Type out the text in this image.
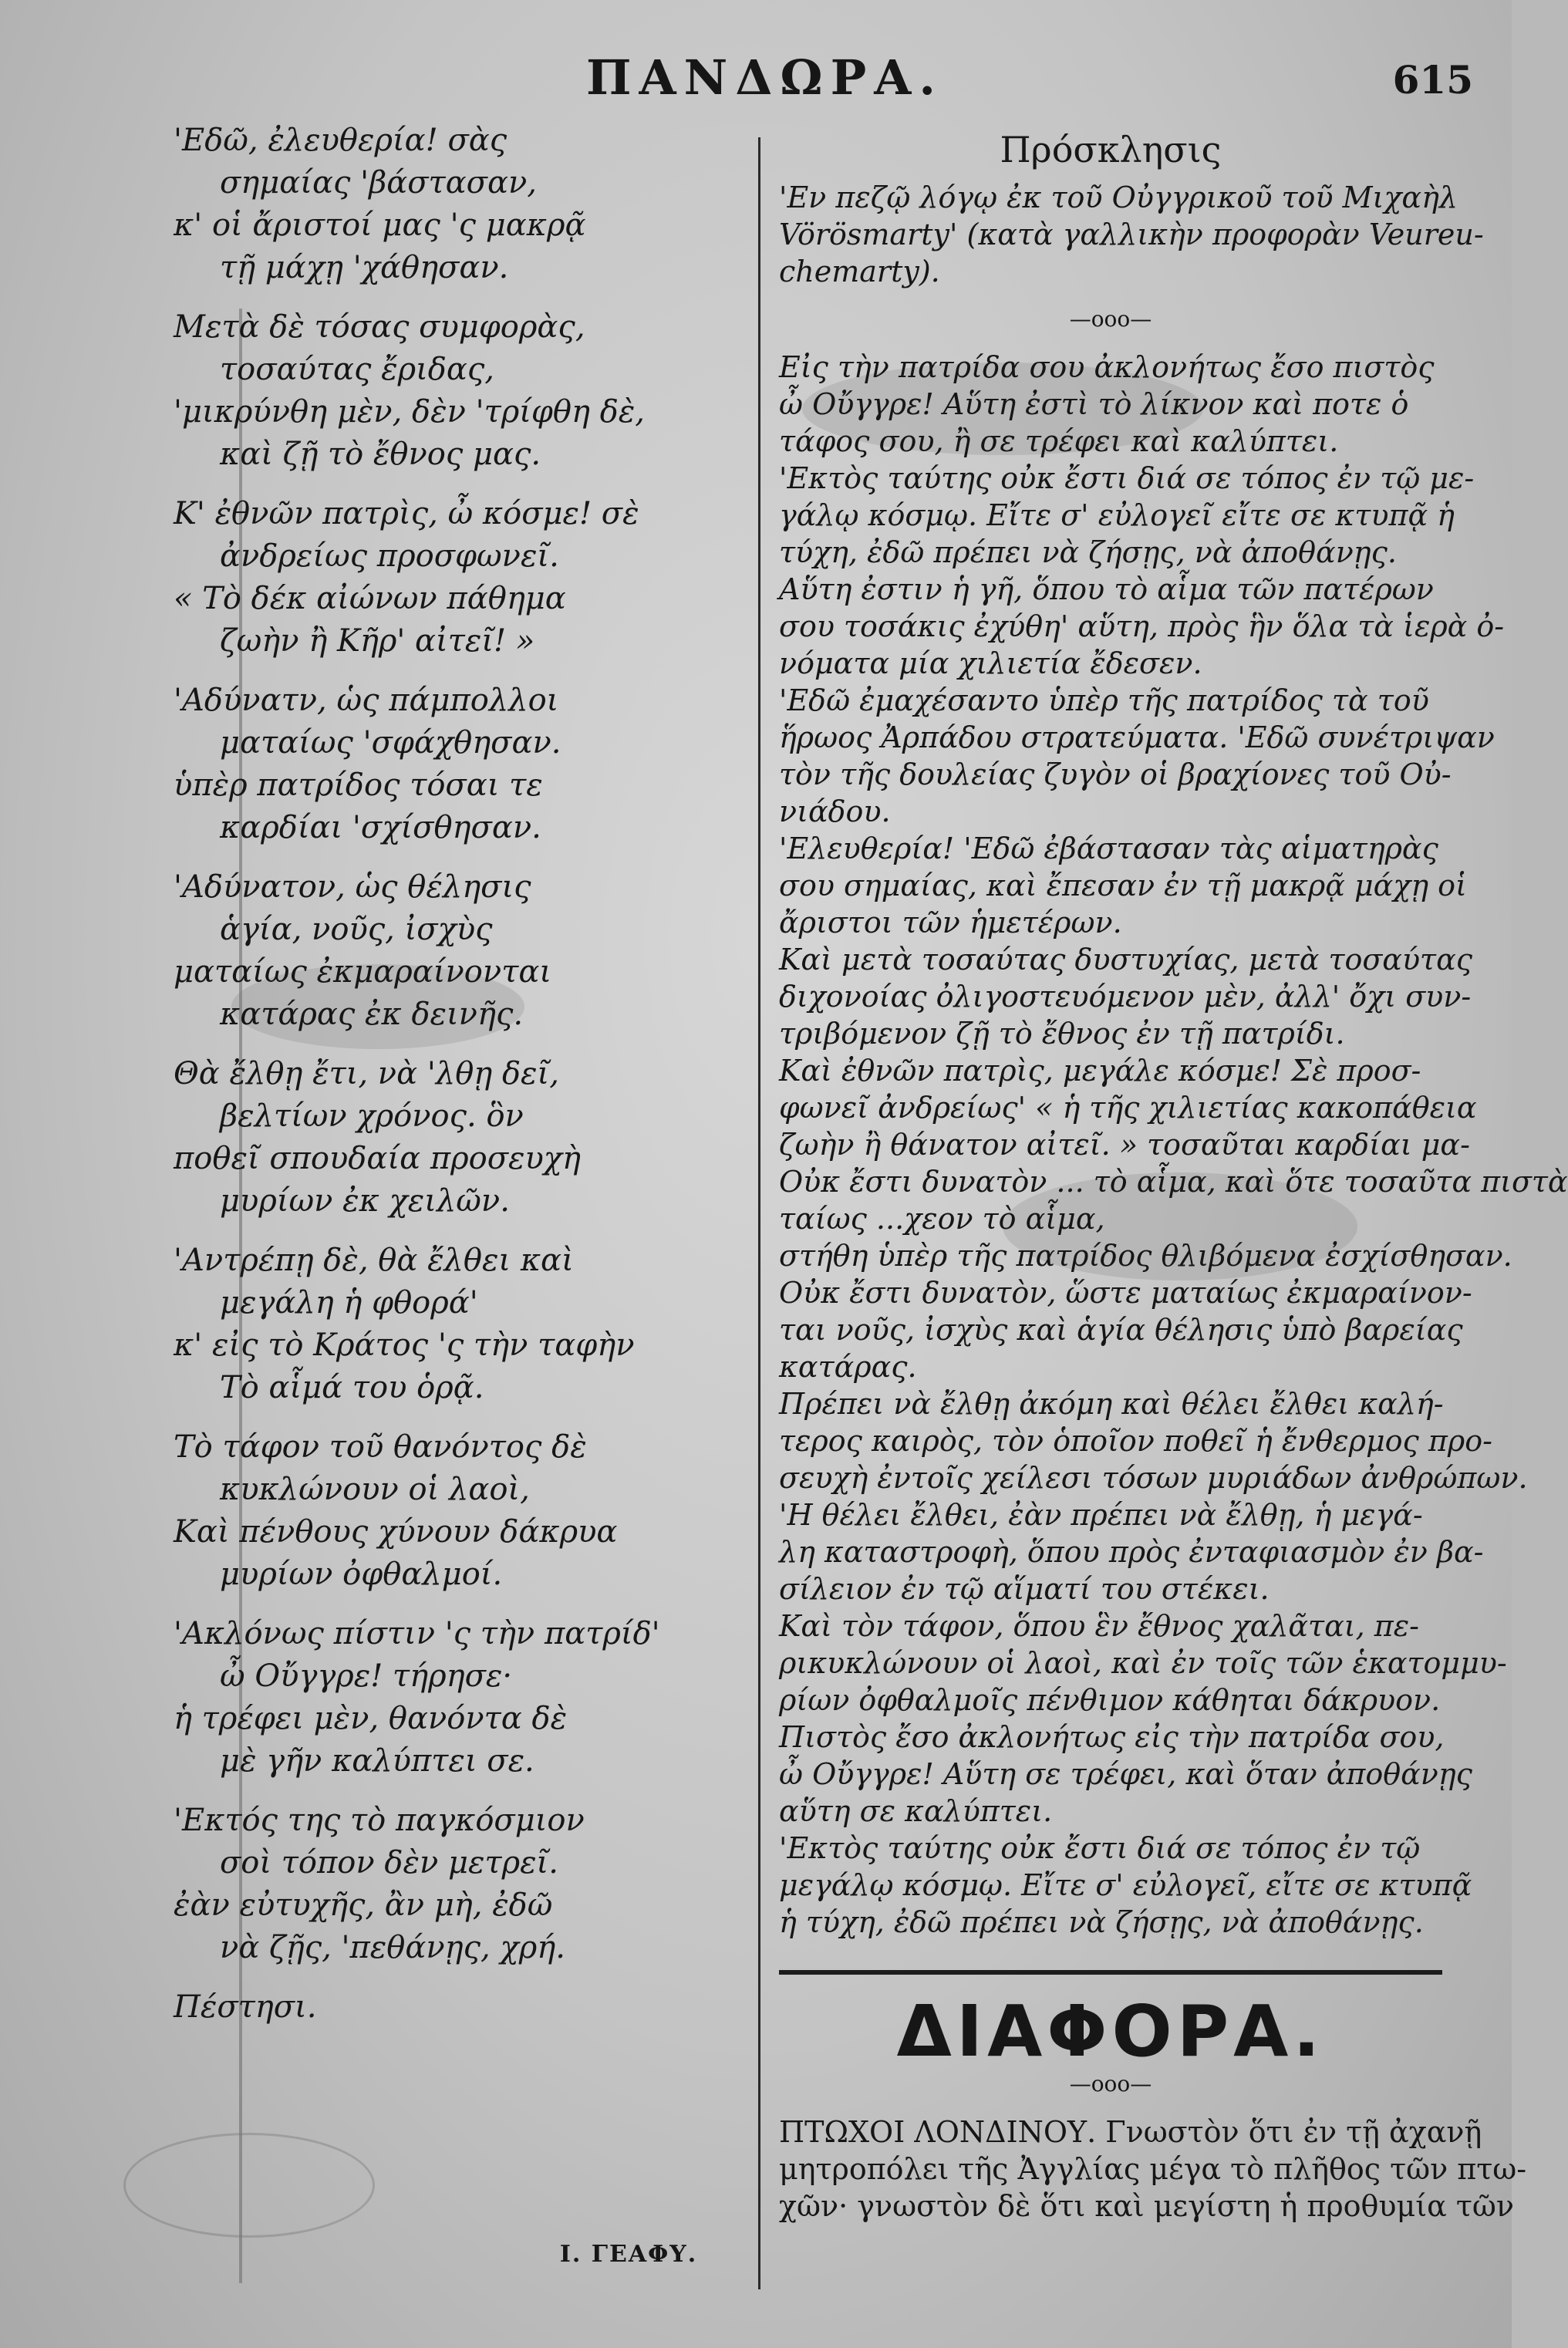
ΠΑΝΔΩΡΑ.	615
'Εδῶ, ἐλευθερία! σὰς
σημαίας 'βάστασαν,
κ' οἱ ἄριστοί μας 'ς μακρᾷ
τῇ μάχῃ 'χάθησαν.
Μετὰ δὲ τόσας συμφορὰς,
τοσαύτας ἔριδας,
'μικρύνθη μὲν, δὲν 'τρίφθη δὲ,
καὶ ζῇ τὸ ἔθνος μας.
Κ' ἐθνῶν πατρὶς, ὦ κόσμε! σὲ
ἀνδρείως προσφωνεῖ.
« Τὸ δέκ αἰώνων πάθημα
ζωὴν ἢ Κῆρ' αἰτεῖ! »
'Αδύνατν, ὡς πάμπολλοι
ματαίως 'σφάχθησαν.
ὑπὲρ πατρίδος τόσαι τε
καρδίαι 'σχίσθησαν.
'Αδύνατον, ὡς θέλησις
ἁγία, νοῦς, ἰσχὺς
ματαίως ἐκμαραίνονται
κατάρας ἐκ δεινῆς.
Θὰ ἔλθῃ ἔτι, νὰ 'λθῃ δεῖ,
βελτίων χρόνος. ὃν
ποθεῖ σπουδαία προσευχὴ
μυρίων ἐκ χειλῶν.
'Αντρέπῃ δὲ, θὰ ἔλθει καὶ
μεγάλη ἡ φθορά'
κ' εἰς τὸ Κράτος 'ς τὴν ταφὴν
Τὸ αἷμά του ὁρᾷ.
Τὸ τάφον τοῦ θανόντος δὲ
κυκλώνουν οἱ λαοὶ,
Καὶ πένθους χύνουν δάκρυα
μυρίων ὀφθαλμοί.
'Ακλόνως πίστιν 'ς τὴν πατρίδ'
ὦ Οὔγγρε! τήρησε·
ἡ τρέφει μὲν, θανόντα δὲ
μὲ γῆν καλύπτει σε.
'Εκτός της τὸ παγκόσμιον
σοὶ τόπον δὲν μετρεῖ.
ἐὰν εὐτυχῆς, ἂν μὴ, ἐδῶ
νὰ ζῇς, 'πεθάνῃς, χρή.
Πέστησι.
Ι. ΓΕΑΦΥ.
Πρόσκλησις
'Εν πεζῷ λόγῳ ἐκ τοῦ Οὐγγρικοῦ τοῦ Μιχαὴλ
Vörösmarty' (κατὰ γαλλικὴν προφορὰν Veureu-
chemarty).
—οοο—
Εἰς τὴν πατρίδα σου ἀκλονήτως ἔσο πιστὸς
ὦ Οὔγγρε! Αὕτη ἐστὶ τὸ λίκνον καὶ ποτε ὁ
τάφος σου, ἢ σε τρέφει καὶ καλύπτει.
'Εκτὸς ταύτης οὐκ ἔστι διά σε τόπος ἐν τῷ με-
γάλῳ κόσμῳ. Εἴτε σ' εὐλογεῖ εἴτε σε κτυπᾷ ἡ
τύχη, ἐδῶ πρέπει νὰ ζήσῃς, νὰ ἀποθάνῃς.
Αὕτη ἐστιν ἡ γῆ, ὅπου τὸ αἷμα τῶν πατέρων
σου τοσάκις ἐχύθη' αὕτη, πρὸς ἣν ὅλα τὰ ἱερὰ ὀ-
νόματα μία χιλιετία ἔδεσεν.
'Εδῶ ἐμαχέσαντο ὑπὲρ τῆς πατρίδος τὰ τοῦ
ἥρωος Ἀρπάδου στρατεύματα. 'Εδῶ συνέτριψαν
τὸν τῆς δουλείας ζυγὸν οἱ βραχίονες τοῦ Οὐ-
νιάδου.
'Ελευθερία! 'Εδῶ ἐβάστασαν τὰς αἱματηρὰς
σου σημαίας, καὶ ἔπεσαν ἐν τῇ μακρᾷ μάχῃ οἱ
ἄριστοι τῶν ἡμετέρων.
Καὶ μετὰ τοσαύτας δυστυχίας, μετὰ τοσαύτας
διχονοίας ὀλιγοστευόμενον μὲν, ἀλλ' ὄχι συν-
τριβόμενον ζῇ τὸ ἔθνος ἐν τῇ πατρίδι.
Καὶ ἐθνῶν πατρὶς, μεγάλε κόσμε! Σὲ προσ-
φωνεῖ ἀνδρείως' « ἡ τῆς χιλιετίας κακοπάθεια
ζωὴν ἢ θάνατον αἰτεῖ. » τοσαῦται καρδίαι μα-
Οὐκ ἔστι δυνατὸν ... τὸ αἷμα, καὶ ὅτε τοσαῦτα πιστὰ
ταίως ...χεον τὸ αἷμα,
στήθη ὑπὲρ τῆς πατρίδος θλιβόμενα ἐσχίσθησαν.
Οὐκ ἔστι δυνατὸν, ὥστε ματαίως ἐκμαραίνον-
ται νοῦς, ἰσχὺς καὶ ἁγία θέλησις ὑπὸ βαρείας
κατάρας.
Πρέπει νὰ ἔλθῃ ἀκόμη καὶ θέλει ἔλθει καλή-
τερος καιρὸς, τὸν ὁποῖον ποθεῖ ἡ ἔνθερμος προ-
σευχὴ ἐντοῖς χείλεσι τόσων μυριάδων ἀνθρώπων.
'Η θέλει ἔλθει, ἐὰν πρέπει νὰ ἔλθῃ, ἡ μεγά-
λη καταστροφὴ, ὅπου πρὸς ἐνταφιασμὸν ἐν βα-
σίλειον ἐν τῷ αἵματί του στέκει.
Καὶ τὸν τάφον, ὅπου ἓν ἔθνος χαλᾶται, πε-
ρικυκλώνουν οἱ λαοὶ, καὶ ἐν τοῖς τῶν ἑκατομμυ-
ρίων ὀφθαλμοῖς πένθιμον κάθηται δάκρυον.
Πιστὸς ἔσο ἀκλονήτως εἰς τὴν πατρίδα σου,
ὦ Οὔγγρε! Αὕτη σε τρέφει, καὶ ὅταν ἀποθάνῃς
αὕτη σε καλύπτει.
'Εκτὸς ταύτης οὐκ ἔστι διά σε τόπος ἐν τῷ
μεγάλῳ κόσμῳ. Εἴτε σ' εὐλογεῖ, εἴτε σε κτυπᾷ
ἡ τύχη, ἐδῶ πρέπει νὰ ζήσῃς, νὰ ἀποθάνῃς.
ΔΙΑΦΟΡΑ.
—οοο—
ΠΤΩΧΟΙ ΛΟΝΔΙΝΟΥ. Γνωστὸν ὅτι ἐν τῇ ἀχανῇ
μητροπόλει τῆς Ἀγγλίας μέγα τὸ πλῆθος τῶν πτω-
χῶν· γνωστὸν δὲ ὅτι καὶ μεγίστη ἡ προθυμία τῶν
